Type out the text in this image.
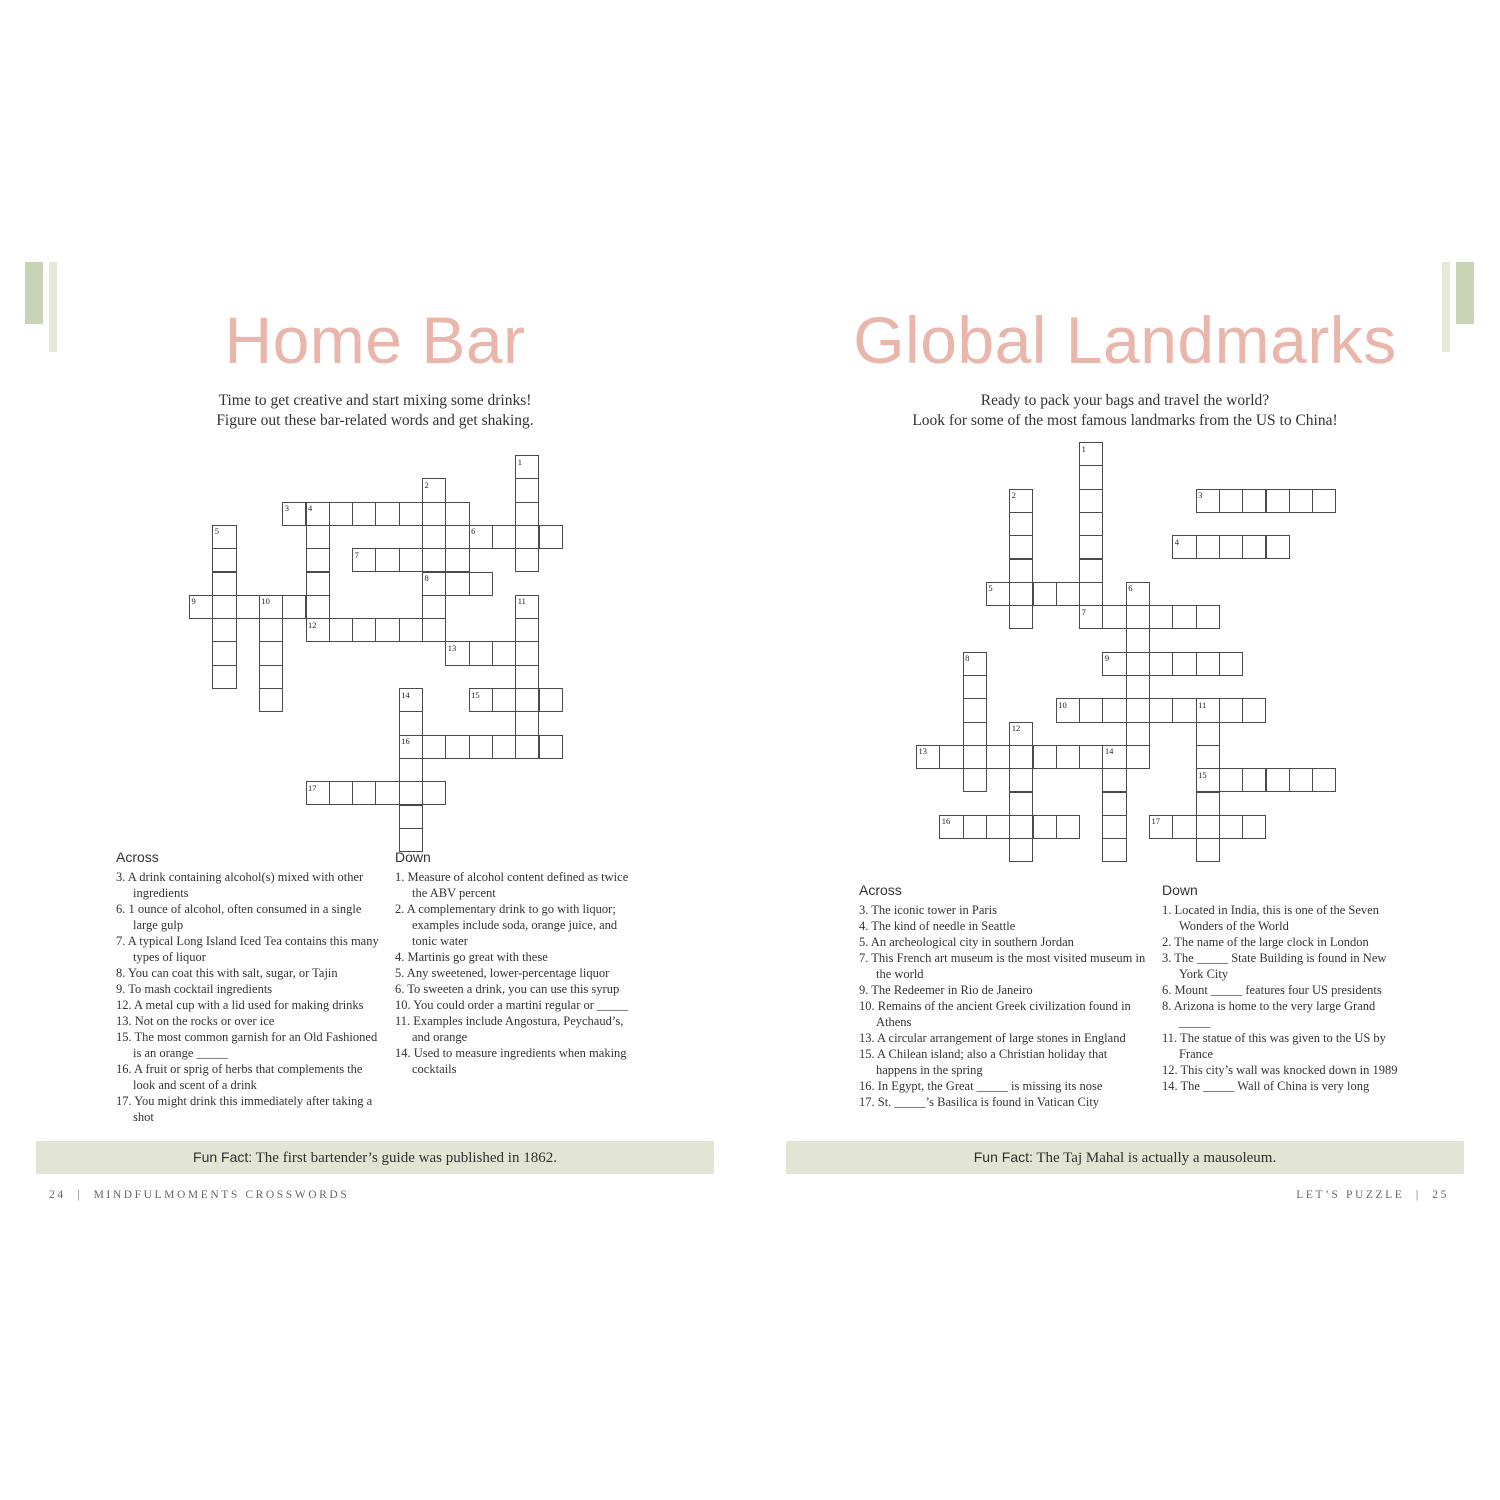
Home Bar
Time to get creative and start mixing some drinks!
Figure out these bar-related words and get shaking.
1
2
3 4
5	6
7
8
9	10	11
12
13
14	15
16
17
Across
3. A drink containing alcohol(s) mixed with other ingredients
6. 1 ounce of alcohol, often consumed in a single large gulp
7. A typical Long Island Iced Tea contains this many types of liquor
8. You can coat this with salt, sugar, or Tajin
9. To mash cocktail ingredients
12. A metal cup with a lid used for making drinks
13. Not on the rocks or over ice
15. The most common garnish for an Old Fashioned is an orange _____
16. A fruit or sprig of herbs that complements the look and scent of a drink
17. You might drink this immediately after taking a shot
Down
1. Measure of alcohol content defined as twice the ABV percent
2. A complementary drink to go with liquor; examples include soda, orange juice, and tonic water
4. Martinis go great with these
5. Any sweetened, lower-percentage liquor
6. To sweeten a drink, you can use this syrup
10. You could order a martini regular or _____
11. Examples include Angostura, Peychaud’s, and orange
14. Used to measure ingredients when making cocktails
Fun Fact: The first bartender’s guide was published in 1862.
24 | MINDFULMOMENTS CROSSWORDS
Global Landmarks
Ready to pack your bags and travel the world?
Look for some of the most famous landmarks from the US to China!
1
2	3
4
5	6
7
8	9
10	11
12
13	14
15
16	17
Across
3. The iconic tower in Paris
4. The kind of needle in Seattle
5. An archeological city in southern Jordan
7. This French art museum is the most visited museum in the world
9. The Redeemer in Rio de Janeiro
10. Remains of the ancient Greek civilization found in Athens
13. A circular arrangement of large stones in England
15. A Chilean island; also a Christian holiday that happens in the spring
16. In Egypt, the Great _____ is missing its nose
17. St. _____’s Basilica is found in Vatican City
Down
1. Located in India, this is one of the Seven Wonders of the World
2. The name of the large clock in London
3. The _____ State Building is found in New York City
6. Mount _____ features four US presidents
8. Arizona is home to the very large Grand _____
11. The statue of this was given to the US by France
12. This city’s wall was knocked down in 1989
14. The _____ Wall of China is very long
Fun Fact: The Taj Mahal is actually a mausoleum.
LET’S PUZZLE | 25
